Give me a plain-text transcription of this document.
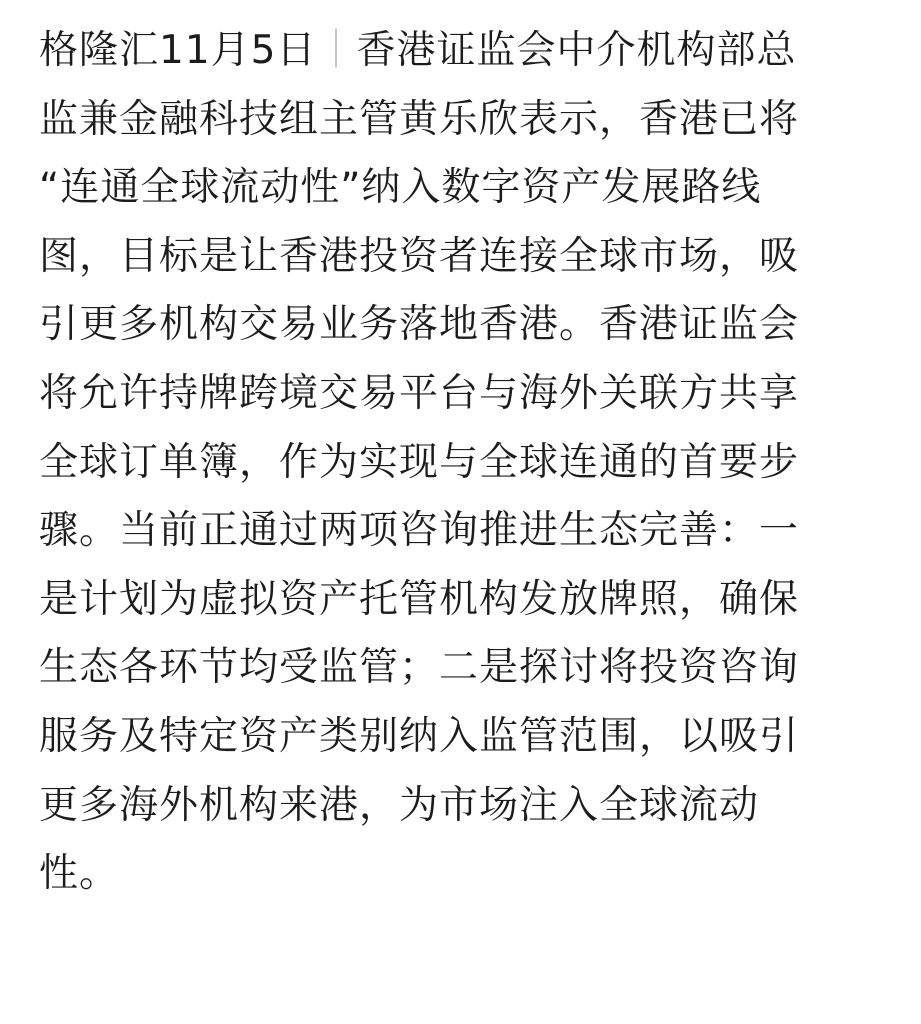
格隆汇11月5日｜香港证监会中介机构部总
监兼金融科技组主管黄乐欣表示，香港已将
“连通全球流动性”纳入数字资产发展路线
图，目标是让香港投资者连接全球市场，吸
引更多机构交易业务落地香港。香港证监会
将允许持牌跨境交易平台与海外关联方共享
全球订单簿，作为实现与全球连通的首要步
骤。当前正通过两项咨询推进生态完善：一
是计划为虚拟资产托管机构发放牌照，确保
生态各环节均受监管；二是探讨将投资咨询
服务及特定资产类别纳入监管范围，以吸引
更多海外机构来港，为市场注入全球流动
性。
